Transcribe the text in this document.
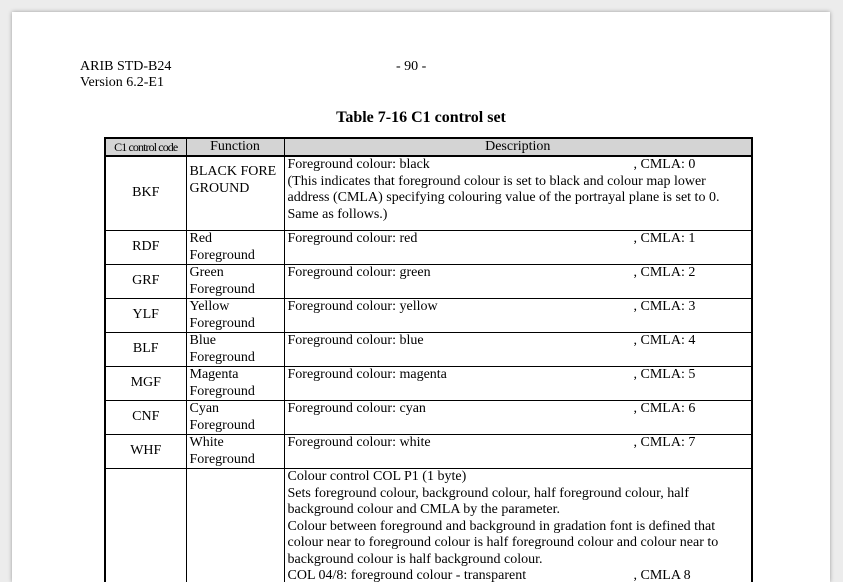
ARIB STD-B24
Version 6.2-E1
- 90 -
Table 7-16 C1 control set
C1 control code	Function	Description
BKF	BLACK FOREGROUND	Foreground colour: black , CMLA: 0
(This indicates that foreground colour is set to black and colour map lower address (CMLA) specifying colouring value of the portrayal plane is set to 0. Same as follows.)

RDF	Red Foreground	Foreground colour: red , CMLA: 1

GRF	Green Foreground	Foreground colour: green , CMLA: 2

YLF	Yellow Foreground	Foreground colour: yellow , CMLA: 3

BLF	Blue Foreground	Foreground colour: blue , CMLA: 4

MGF	Magenta Foreground	Foreground colour: magenta , CMLA: 5

CNF	Cyan Foreground	Foreground colour: cyan , CMLA: 6

WHF	White Foreground	Foreground colour: white , CMLA: 7

		Colour control COL P1 (1 byte)
Sets foreground colour, background colour, half foreground colour, half background colour and CMLA by the parameter.
Colour between foreground and background in gradation font is defined that colour near to foreground colour is half foreground colour and colour near to background colour is half background colour.
COL 04/8: foreground colour - transparent , CMLA 8
